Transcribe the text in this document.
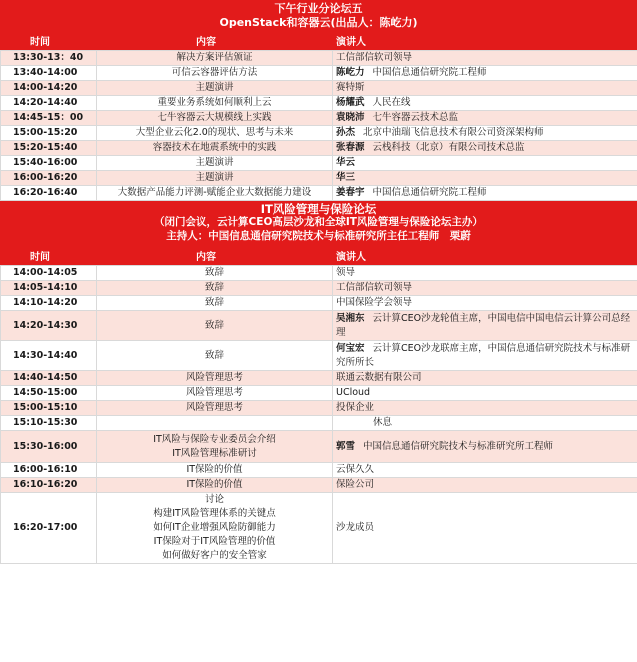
下午行业分论坛五
OpenStack和容器云(出品人：陈屹力)
时间	内容	演讲人
13:30-13：40	解决方案评估颁证	工信部信软司领导
13:40-14:00	可信云容器评估方法	陈屹力 中国信息通信研究院工程师
14:00-14:20	主题演讲	赛特斯
14:20-14:40	重要业务系统如何顺利上云	杨耀武 人民在线
14:45-15：00	七牛容器云大规模线上实践	袁晓沛 七牛容器云技术总监
15:00-15:20	大型企业云化2.0的现状、思考与未来	孙杰 北京中油瑞飞信息技术有限公司资深架构师
15:20-15:40	容器技术在地震系统中的实践	张春源 云栈科技（北京）有限公司技术总监
15:40-16:00	主题演讲	华云
16:00-16:20	主题演讲	华三
16:20-16:40	大数据产品能力评测-赋能企业大数据能力建设	姜春宇 中国信息通信研究院工程师
IT风险管理与保险论坛
（闭门会议，云计算CEO高层沙龙和全球IT风险管理与保险论坛主办）
主持人：中国信息通信研究院技术与标准研究所主任工程师　栗蔚
时间	内容	演讲人
14:00-14:05	致辞	领导
14:05-14:10	致辞	工信部信软司领导
14:10-14:20	致辞	中国保险学会领导
14:20-14:30	致辞	吴湘东 云计算CEO沙龙轮值主席，中国电信中国电信云计算公司总经理
14:30-14:40	致辞	何宝宏 云计算CEO沙龙联席主席，中国信息通信研究院技术与标准研究所所长
14:40-14:50	风险管理思考	联通云数据有限公司
14:50-15:00	风险管理思考	UCloud
15:00-15:10	风险管理思考	投保企业
15:10-15:30		休息
15:30-16:00	IT风险与保险专业委员会介绍
IT风险管理标准研讨	郭雪 中国信息通信研究院技术与标准研究所工程师
16:00-16:10	IT保险的价值	云保久久
16:10-16:20	IT保险的价值	保险公司
16:20-17:00	讨论
构建IT风险管理体系的关键点
如何IT企业增强风险防御能力
IT保险对于IT风险管理的价值
如何做好客户的安全管家	沙龙成员
